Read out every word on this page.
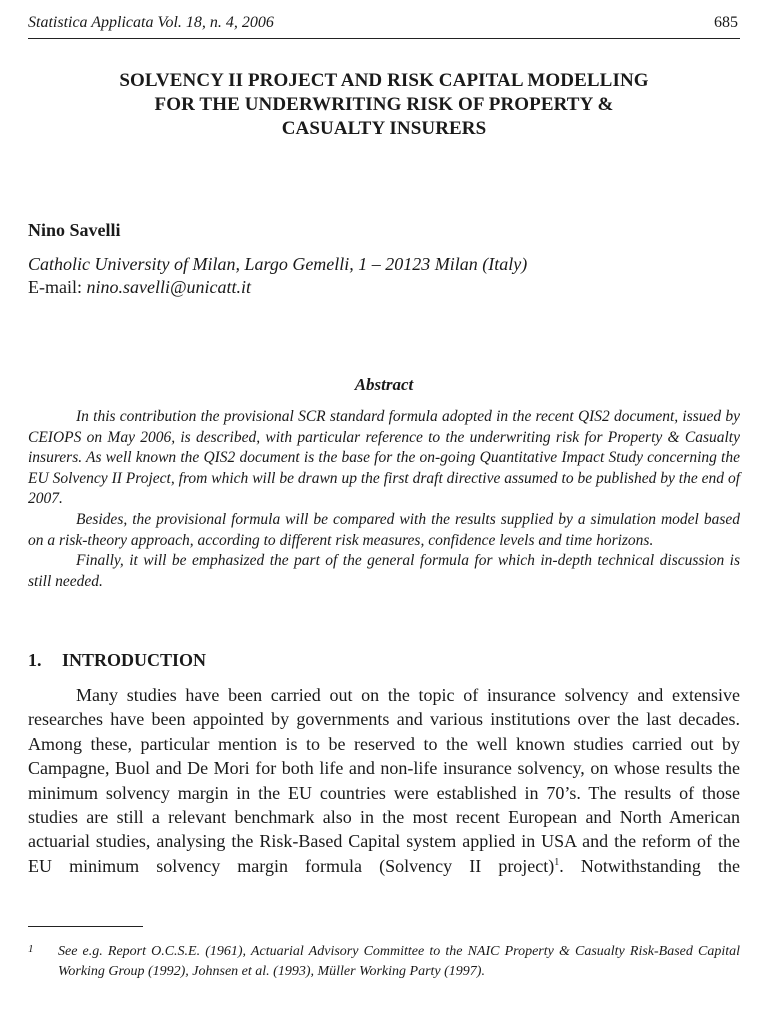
Statistica Applicata Vol. 18, n. 4, 2006	685
SOLVENCY II PROJECT AND RISK CAPITAL MODELLING
FOR THE UNDERWRITING RISK OF PROPERTY &
CASUALTY INSURERS
Nino Savelli
Catholic University of Milan, Largo Gemelli, 1 – 20123 Milan (Italy)
E-mail: nino.savelli@unicatt.it
Abstract

In this contribution the provisional SCR standard formula adopted in the recent QIS2 document, issued by CEIOPS on May 2006, is described, with particular reference to the underwriting risk for Property & Casualty insurers. As well known the QIS2 document is the base for the on-going Quantitative Impact Study concerning the EU Solvency II Project, from which will be drawn up the first draft directive assumed to be published by the end of 2007.

Besides, the provisional formula will be compared with the results supplied by a simulation model based on a risk-theory approach, according to different risk measures, confidence levels and time horizons.

Finally, it will be emphasized the part of the general formula for which in-depth technical discussion is still needed.

1. INTRODUCTION

Many studies have been carried out on the topic of insurance solvency and extensive researches have been appointed by governments and various institutions over the last decades. Among these, particular mention is to be reserved to the well known studies carried out by Campagne, Buol and De Mori for both life and non-life insurance solvency, on whose results the minimum solvency margin in the EU countries were established in 70’s. The results of those studies are still a relevant benchmark also in the most recent European and North American actuarial studies, analysing the Risk-Based Capital system applied in USA and the reform of the EU minimum solvency margin formula (Solvency II project)$^1$. Notwithstanding the

1 See e.g. Report O.C.S.E. (1961), Actuarial Advisory Committee to the NAIC Property & Casualty Risk-Based Capital Working Group (1992), Johnsen et al. (1993), Müller Working Party (1997).
